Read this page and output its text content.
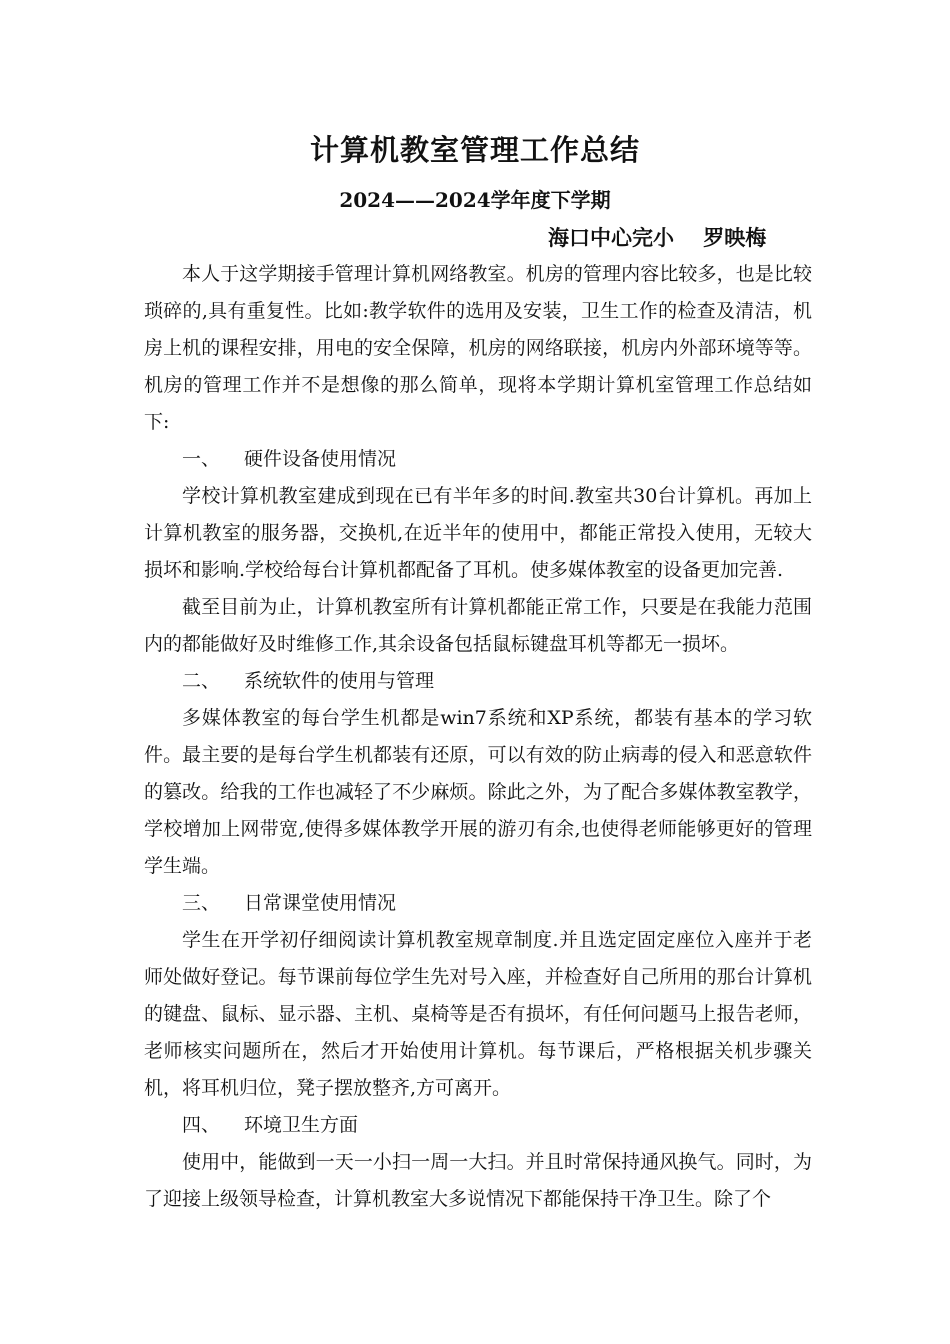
计算机教室管理工作总结
2024——2024学年度下学期
海口中心完小    罗映梅

本人于这学期接手管理计算机网络教室。机房的管理内容比较多，也是比较琐碎的,具有重复性。比如:教学软件的选用及安装，卫生工作的检查及清洁，机房上机的课程安排，用电的安全保障，机房的网络联接，机房内外部环境等等。机房的管理工作并不是想像的那么简单，现将本学期计算机室管理工作总结如下:

一、 硬件设备使用情况

学校计算机教室建成到现在已有半年多的时间.教室共30台计算机。再加上计算机教室的服务器，交换机,在近半年的使用中，都能正常投入使用，无较大损坏和影响.学校给每台计算机都配备了耳机。使多媒体教室的设备更加完善.

截至目前为止，计算机教室所有计算机都能正常工作，只要是在我能力范围内的都能做好及时维修工作,其余设备包括鼠标键盘耳机等都无一损坏。

二、 系统软件的使用与管理

多媒体教室的每台学生机都是win7系统和XP系统，都装有基本的学习软件。最主要的是每台学生机都装有还原，可以有效的防止病毒的侵入和恶意软件的篡改。给我的工作也减轻了不少麻烦。除此之外，为了配合多媒体教室教学，学校增加上网带宽,使得多媒体教学开展的游刃有余,也使得老师能够更好的管理学生端。

三、 日常课堂使用情况

学生在开学初仔细阅读计算机教室规章制度.并且选定固定座位入座并于老师处做好登记。每节课前每位学生先对号入座，并检查好自己所用的那台计算机的键盘、鼠标、显示器、主机、桌椅等是否有损坏，有任何问题马上报告老师，老师核实问题所在，然后才开始使用计算机。每节课后，严格根据关机步骤关机，将耳机归位，凳子摆放整齐,方可离开。

四、 环境卫生方面

使用中，能做到一天一小扫一周一大扫。并且时常保持通风换气。同时，为了迎接上级领导检查，计算机教室大多说情况下都能保持干净卫生。除了个
